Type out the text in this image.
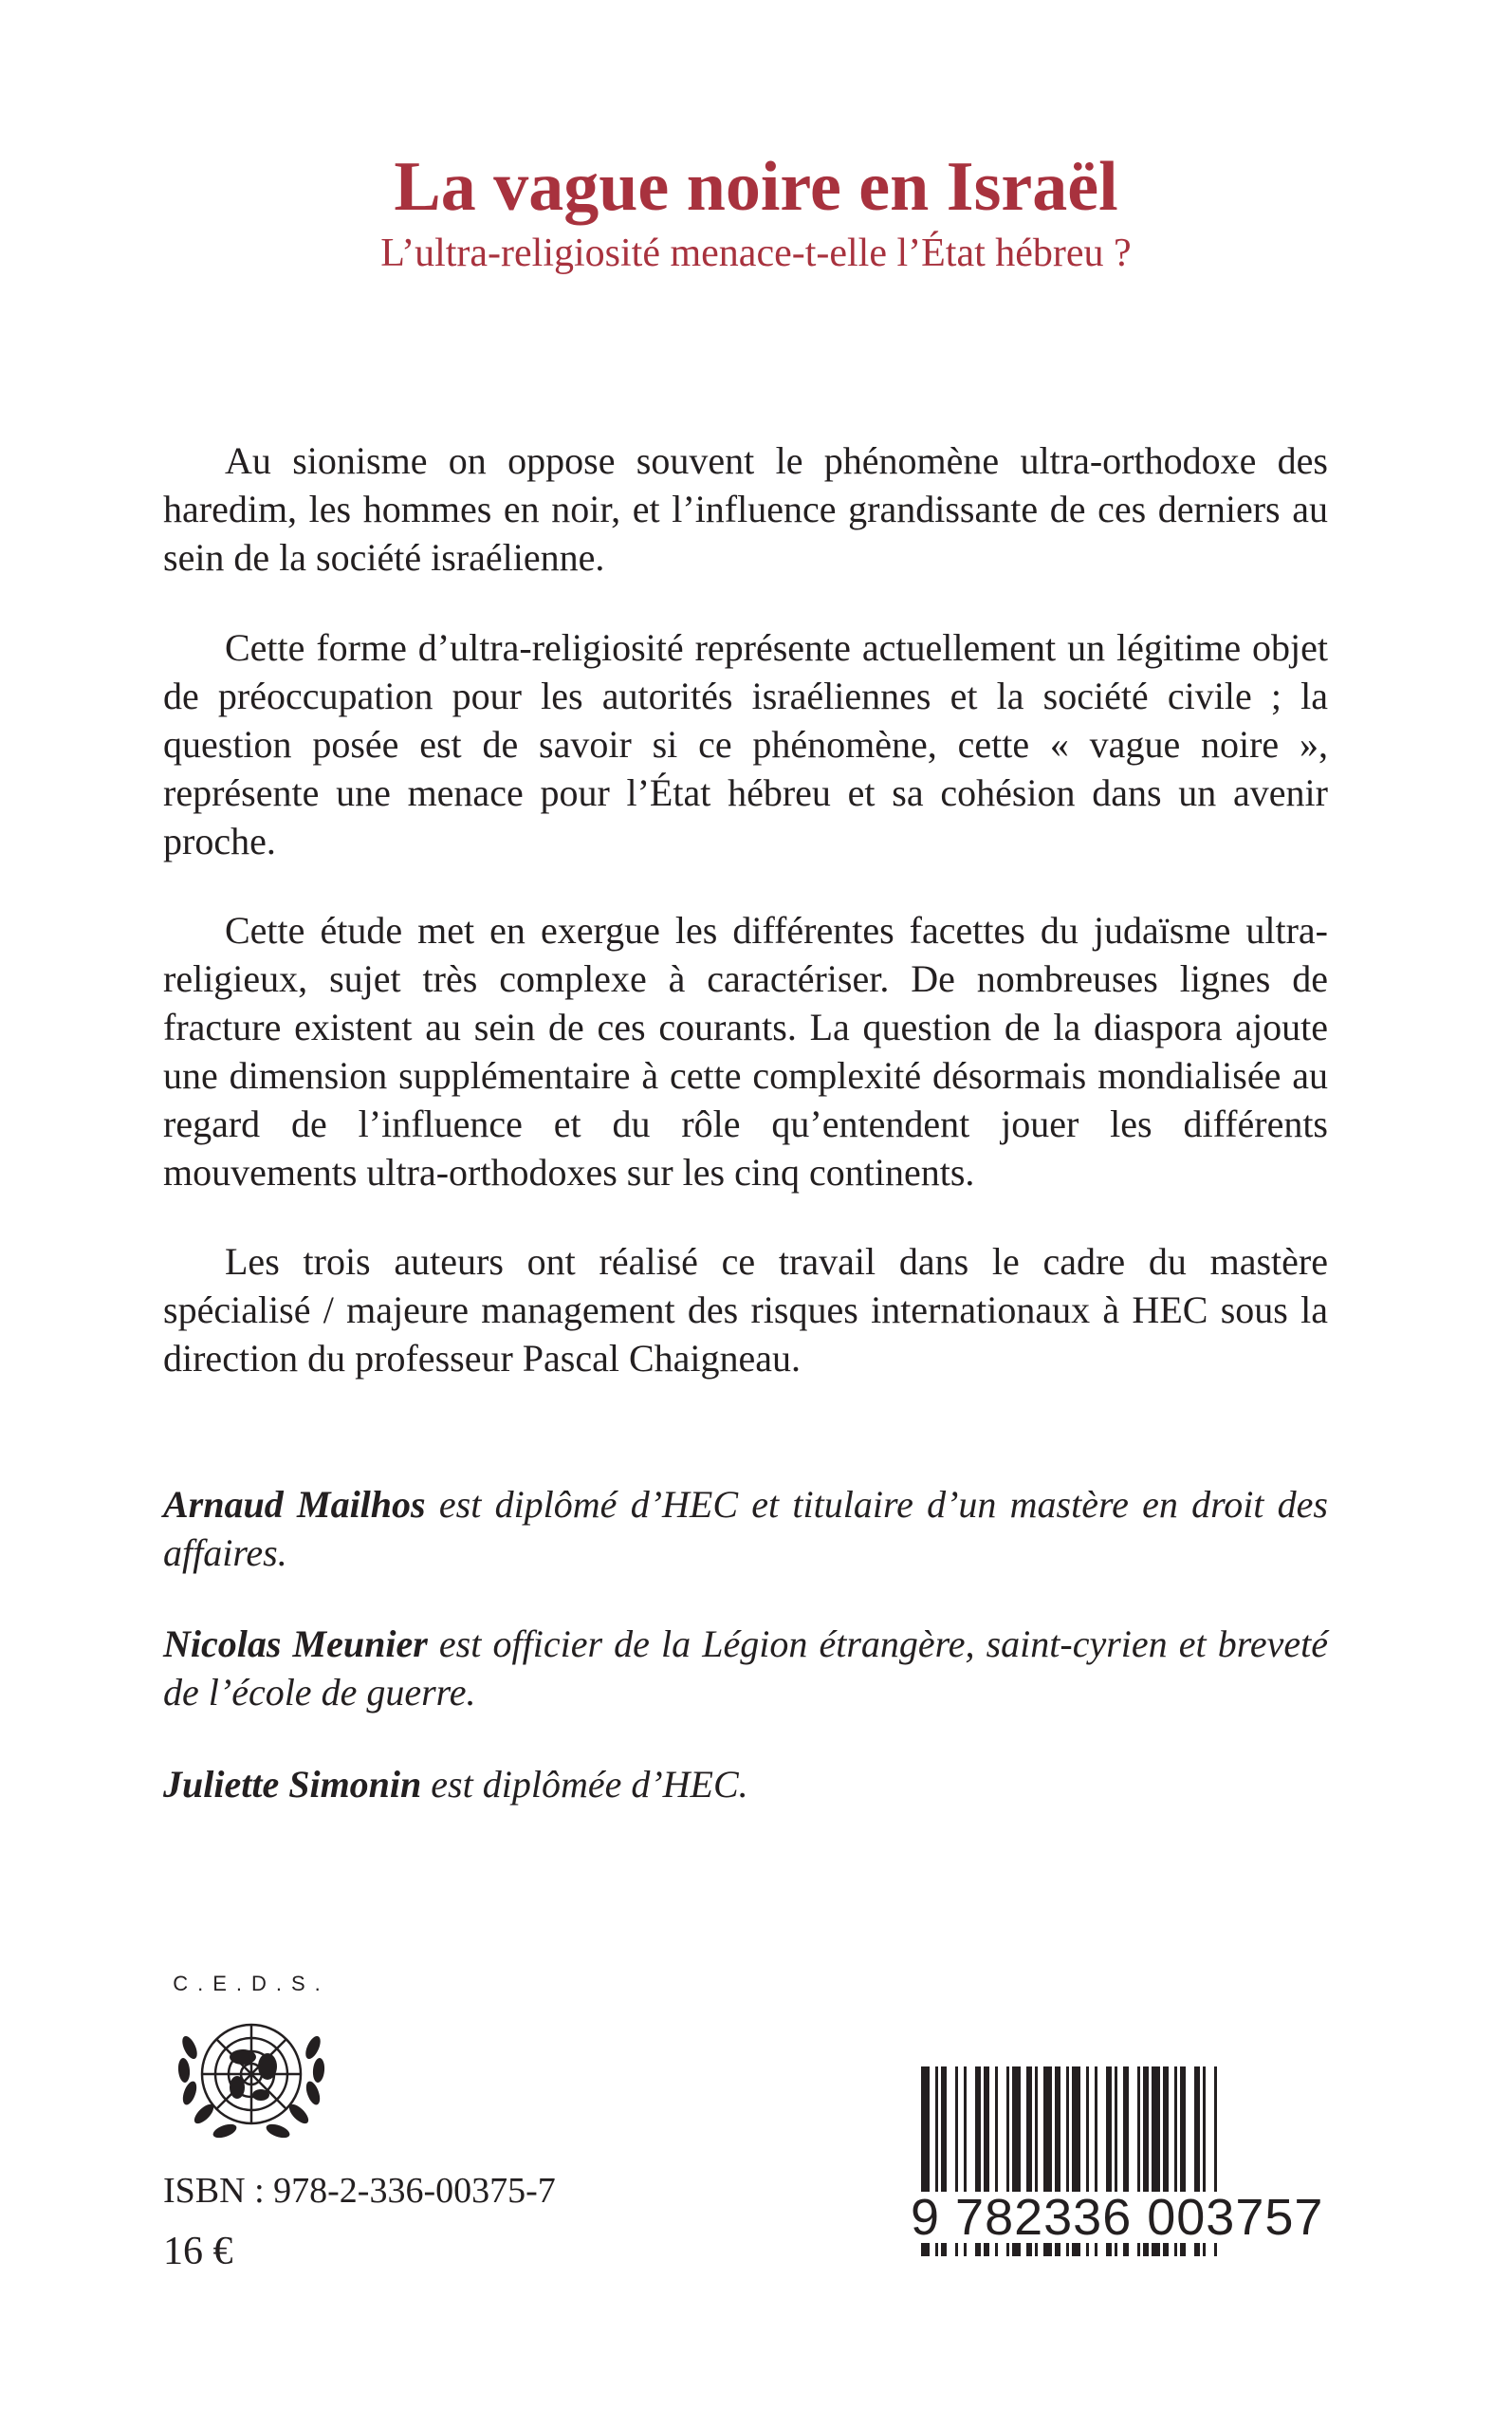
La vague noire en Israël
L’ultra-religiosité menace-t-elle l’État hébreu ?

Au sionisme on oppose souvent le phénomène ultra-orthodoxe des haredim, les hommes en noir, et l’influence grandissante de ces derniers au sein de la société israélienne.

Cette forme d’ultra-religiosité représente actuellement un légitime objet de préoccupation pour les autorités israéliennes et la société civile ; la question posée est de savoir si ce phénomène, cette « vague noire », représente une menace pour l’État hébreu et sa cohésion dans un avenir proche.

Cette étude met en exergue les différentes facettes du judaïsme ultra-religieux, sujet très complexe à caractériser. De nombreuses lignes de fracture existent au sein de ces courants. La question de la diaspora ajoute une dimension supplémentaire à cette complexité désormais mondialisée au regard de l’influence et du rôle qu’entendent jouer les différents mouvements ultra-orthodoxes sur les cinq continents.

Les trois auteurs ont réalisé ce travail dans le cadre du mastère spécialisé / majeure management des risques internationaux à HEC sous la direction du professeur Pascal Chaigneau.

Arnaud Mailhos est diplômé d’HEC et titulaire d’un mastère en droit des affaires.

Nicolas Meunier est officier de la Légion étrangère, saint-cyrien et breveté de l’école de guerre.

Juliette Simonin est diplômée d’HEC.

C.E.D.S.
ISBN : 978-2-336-00375-7
16 €
9 782336 003757
